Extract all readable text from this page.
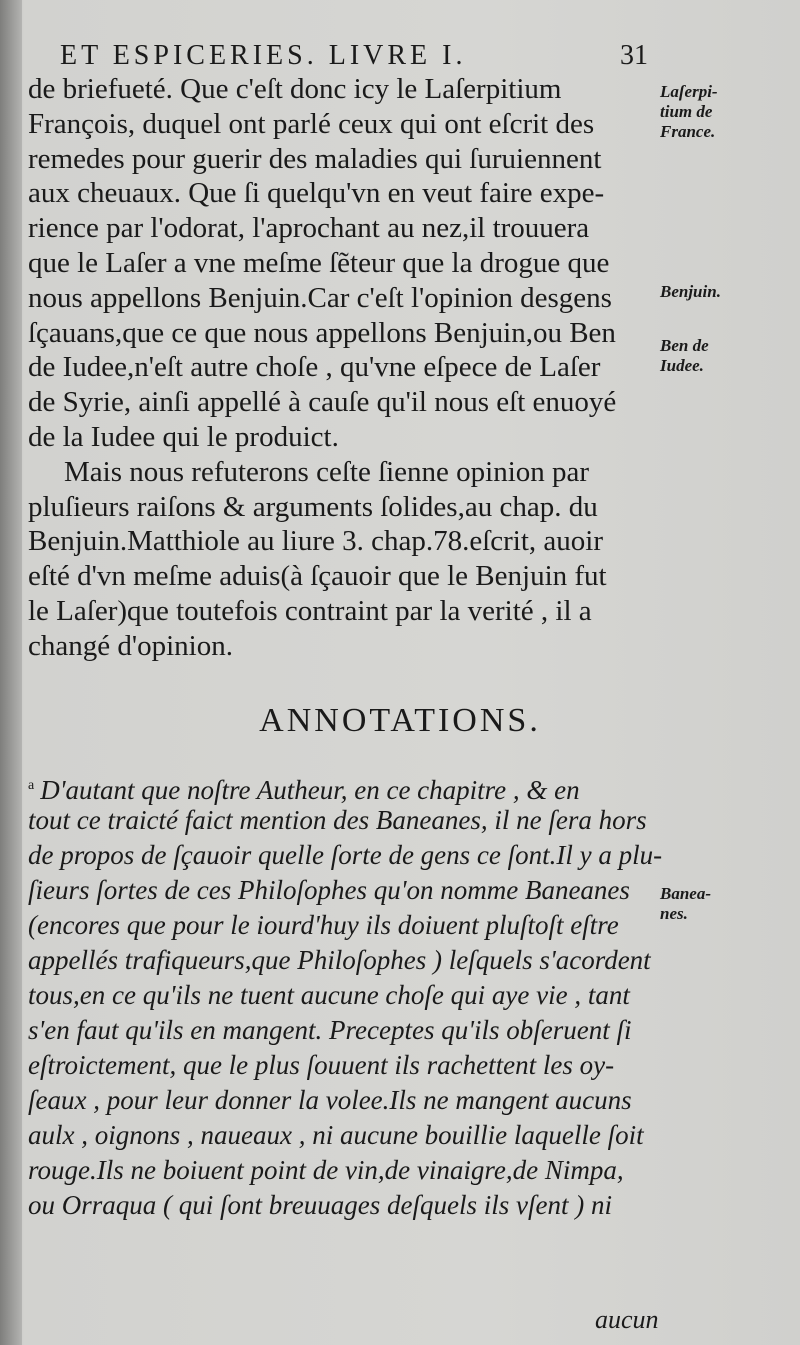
ET ESPICERIES. LIVRE I.	31
de briefueté. Que c'eſt donc icy le Laſerpitium
François, duquel ont parlé ceux qui ont eſcrit des
remedes pour guerir des maladies qui ſuruiennent
aux cheuaux. Que ſi quelqu'vn en veut faire expe-
rience par l'odorat, l'aprochant au nez,il trouuera
que le Laſer a vne meſme ſẽteur que la drogue que
nous appellons Benjuin.Car c'eſt l'opinion desgens
ſçauans,que ce que nous appellons Benjuin,ou Ben
de Iudee,n'eſt autre choſe , qu'vne eſpece de Laſer
de Syrie, ainſi appellé à cauſe qu'il nous eſt enuoyé
de la Iudee qui le produict.
Mais nous refuterons ceſte ſienne opinion par
pluſieurs raiſons & arguments ſolides,au chap. du
Benjuin.Matthiole au liure 3. chap.78.eſcrit, auoir
eſté d'vn meſme aduis(à ſçauoir que le Benjuin fut
le Laſer)que toutefois contraint par la verité , il a
changé d'opinion.
Laſerpi-
tium de
France.
Benjuin.
Ben de
Iudee.
Banea-
nes.
ANNOTATIONS.
$^a$ D'autant que noſtre Autheur, en ce chapitre , & en
tout ce traicté faict mention des Baneanes, il ne ſera hors
de propos de ſçauoir quelle ſorte de gens ce ſont.Il y a plu-
ſieurs ſortes de ces Philoſophes qu'on nomme Baneanes
(encores que pour le iourd'huy ils doiuent pluſtoſt eſtre
appellés trafiqueurs,que Philoſophes ) leſquels s'acordent
tous,en ce qu'ils ne tuent aucune choſe qui aye vie , tant
s'en faut qu'ils en mangent. Preceptes qu'ils obſeruent ſi
eſtroictement, que le plus ſouuent ils rachettent les oy-
ſeaux , pour leur donner la volee.Ils ne mangent aucuns
aulx , oignons , naueaux , ni aucune bouillie laquelle ſoit
rouge.Ils ne boiuent point de vin,de vinaigre,de Nimpa,
ou Orraqua ( qui ſont breuuages deſquels ils vſent ) ni
aucun
